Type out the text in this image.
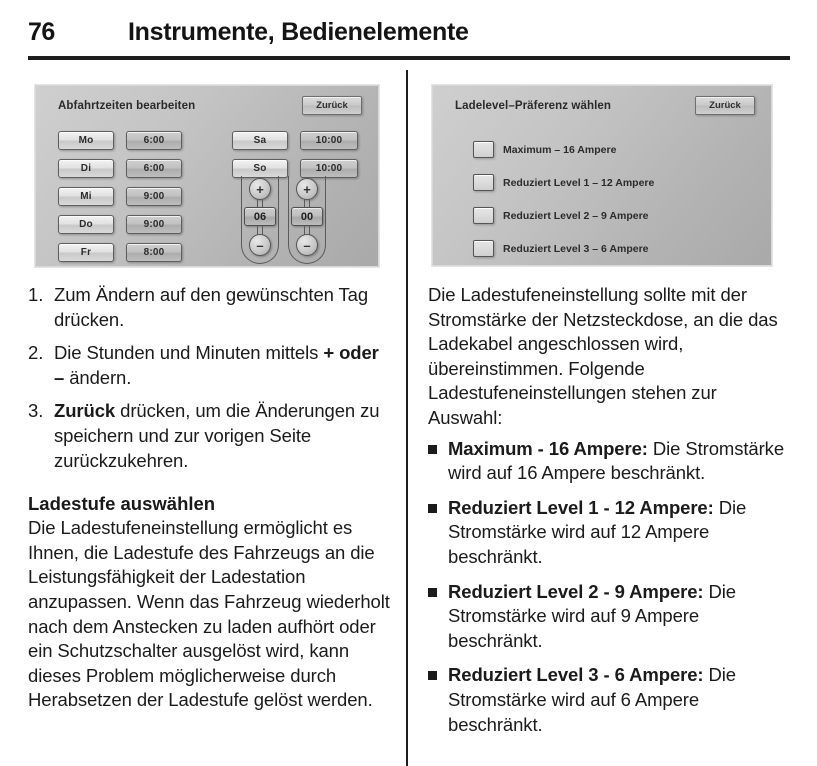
76	Instrumente, Bedienelemente
Abfahrtzeiten bearbeiten	Zurück
Mo	6:00
Di	6:00
Mi	9:00
Do	9:00
Fr	8:00
Sa	10:00
So	10:00
+
06
–
+
00
–
1. Zum Ändern auf den gewünschten Tag drücken.
2. Die Stunden und Minuten mittels + oder – ändern.
3. Zurück drücken, um die Änderungen zu speichern und zur vorigen Seite zurückzukehren.
Ladestufe auswählen

Die Ladestufeneinstellung ermöglicht es Ihnen, die Ladestufe des Fahrzeugs an die Leistungsfähigkeit der Ladestation anzupassen. Wenn das Fahrzeug wiederholt nach dem Anstecken zu laden aufhört oder ein Schutzschalter ausgelöst wird, kann dieses Problem möglicherweise durch Herabsetzen der Ladestufe gelöst werden.

Ladelevel–Präferenz wählen	Zurück
Maximum – 16 Ampere
Reduziert Level 1 – 12 Ampere
Reduziert Level 2 – 9 Ampere
Reduziert Level 3 – 6 Ampere

Die Ladestufeneinstellung sollte mit der Stromstärke der Netzsteckdose, an die das Ladekabel angeschlossen wird, übereinstimmen. Folgende Ladestufeneinstellungen stehen zur Auswahl:

Maximum - 16 Ampere: Die Stromstärke wird auf 16 Ampere beschränkt.
Reduziert Level 1 - 12 Ampere: Die Stromstärke wird auf 12 Ampere beschränkt.
Reduziert Level 2 - 9 Ampere: Die Stromstärke wird auf 9 Ampere beschränkt.
Reduziert Level 3 - 6 Ampere: Die Stromstärke wird auf 6 Ampere beschränkt.
